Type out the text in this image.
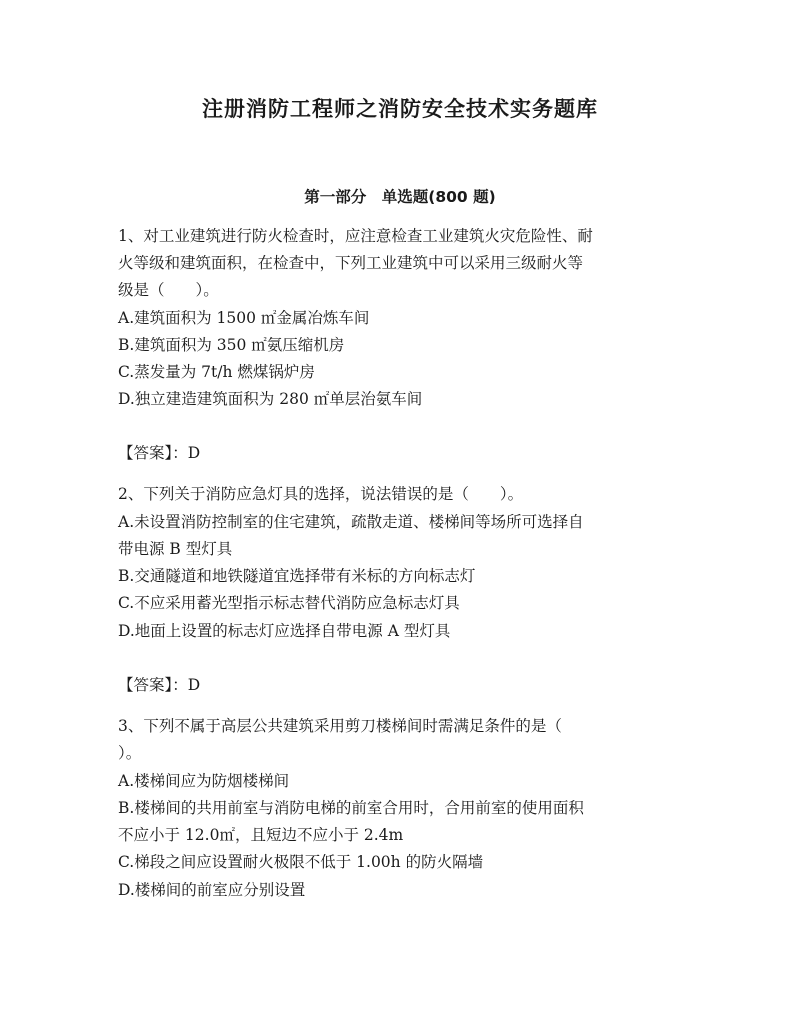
注册消防工程师之消防安全技术实务题库
第一部分　单选题(800 题)
1、对工业建筑进行防火检查时，应注意检查工业建筑火灾危险性、耐
火等级和建筑面积，在检查中，下列工业建筑中可以采用三级耐火等
级是（　　）。
A.建筑面积为 1500 ㎡金属冶炼车间
B.建筑面积为 350 ㎡氨压缩机房
C.蒸发量为 7t/h 燃煤锅炉房
D.独立建造建筑面积为 280 ㎡单层治氨车间
【答案】：D
2、下列关于消防应急灯具的选择，说法错误的是（　　）。
A.未设置消防控制室的住宅建筑，疏散走道、楼梯间等场所可选择自
带电源 B 型灯具
B.交通隧道和地铁隧道宜选择带有米标的方向标志灯
C.不应采用蓄光型指示标志替代消防应急标志灯具
D.地面上设置的标志灯应选择自带电源 A 型灯具
【答案】：D
3、下列不属于高层公共建筑采用剪刀楼梯间时需满足条件的是（
）。
A.楼梯间应为防烟楼梯间
B.楼梯间的共用前室与消防电梯的前室合用时，合用前室的使用面积
不应小于 12.0㎡，且短边不应小于 2.4m
C.梯段之间应设置耐火极限不低于 1.00h 的防火隔墙
D.楼梯间的前室应分别设置
